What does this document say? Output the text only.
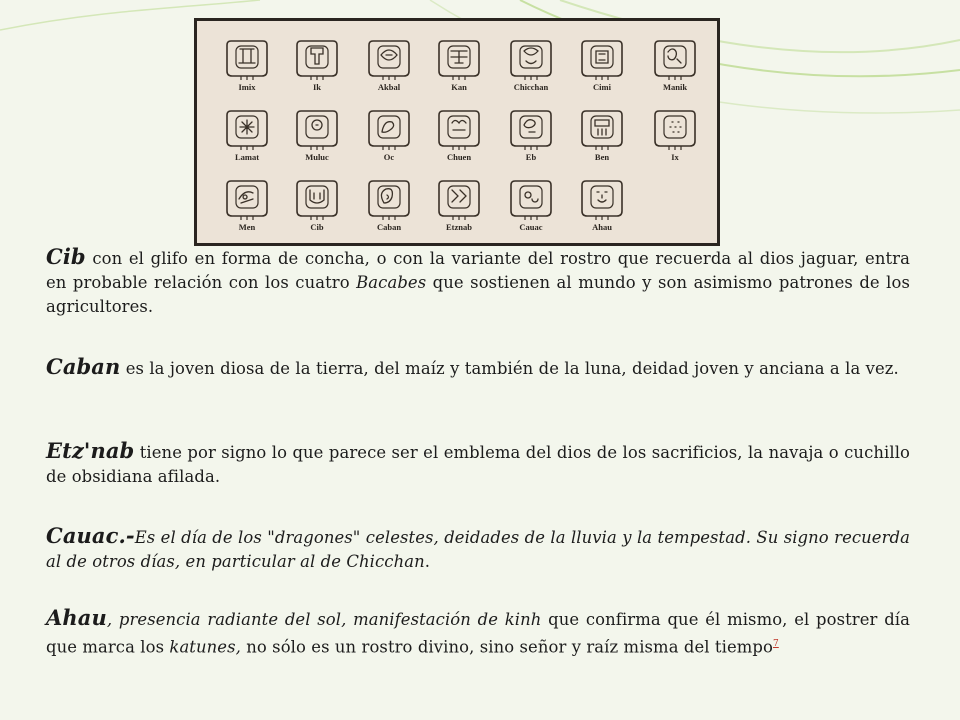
Imix	Ik	Akbal	Kan	Chicchan	Cimi	Manik
Lamat	Muluc	Oc	Chuen	Eb	Ben	Ix
Men	Cib	Caban	Etznab	Cauac	Ahau
Cib con el glifo en forma de concha, o con la variante del rostro que recuerda al dios jaguar, entra en probable relación con los cuatro Bacabes que sostienen al mundo y son asimismo patrones de los agricultores.
Caban es la joven diosa de la tierra, del maíz y también de la luna, deidad joven y anciana a la vez.
Etz'nab tiene por signo lo que parece ser el emblema del dios de los sacrificios, la navaja o cuchillo de obsidiana afilada.
Cauac.-Es el día de los "dragones" celestes, deidades de la lluvia y la tempestad. Su signo recuerda al de otros días, en particular al de Chicchan.
Ahau, presencia radiante del sol, manifestación de kinh que confirma que él mismo, el postrer día que marca los katunes, no sólo es un rostro divino, sino señor y raíz misma del tiempo$^7$
